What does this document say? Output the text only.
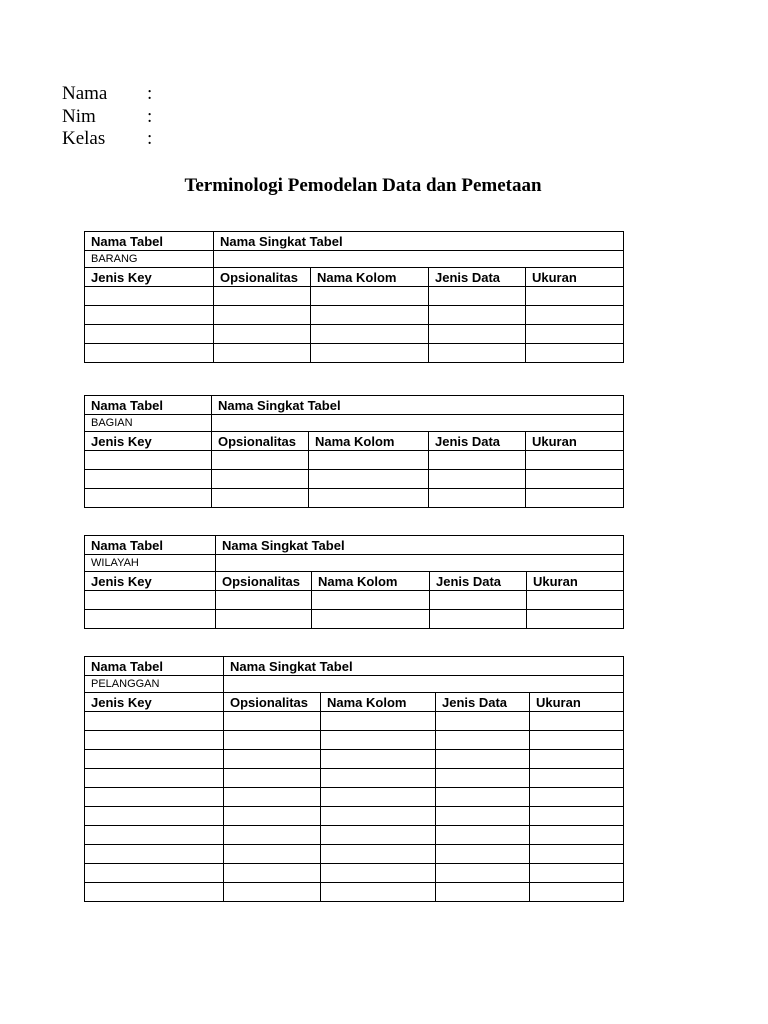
Nama :
Nim	:
Kelas :
Terminologi Pemodelan Data dan Pemetaan
Nama Tabel	Nama Singkat Tabel			
BARANG				
Jenis Key	Opsionalitas	Nama Kolom	Jenis Data	Ukuran

Nama Tabel	Nama Singkat Tabel			
BAGIAN				
Jenis Key	Opsionalitas	Nama Kolom	Jenis Data	Ukuran

Nama Tabel	Nama Singkat Tabel			
WILAYAH				
Jenis Key	Opsionalitas	Nama Kolom	Jenis Data	Ukuran

Nama Tabel	Nama Singkat Tabel			
PELANGGAN				
Jenis Key	Opsionalitas	Nama Kolom	Jenis Data	Ukuran
